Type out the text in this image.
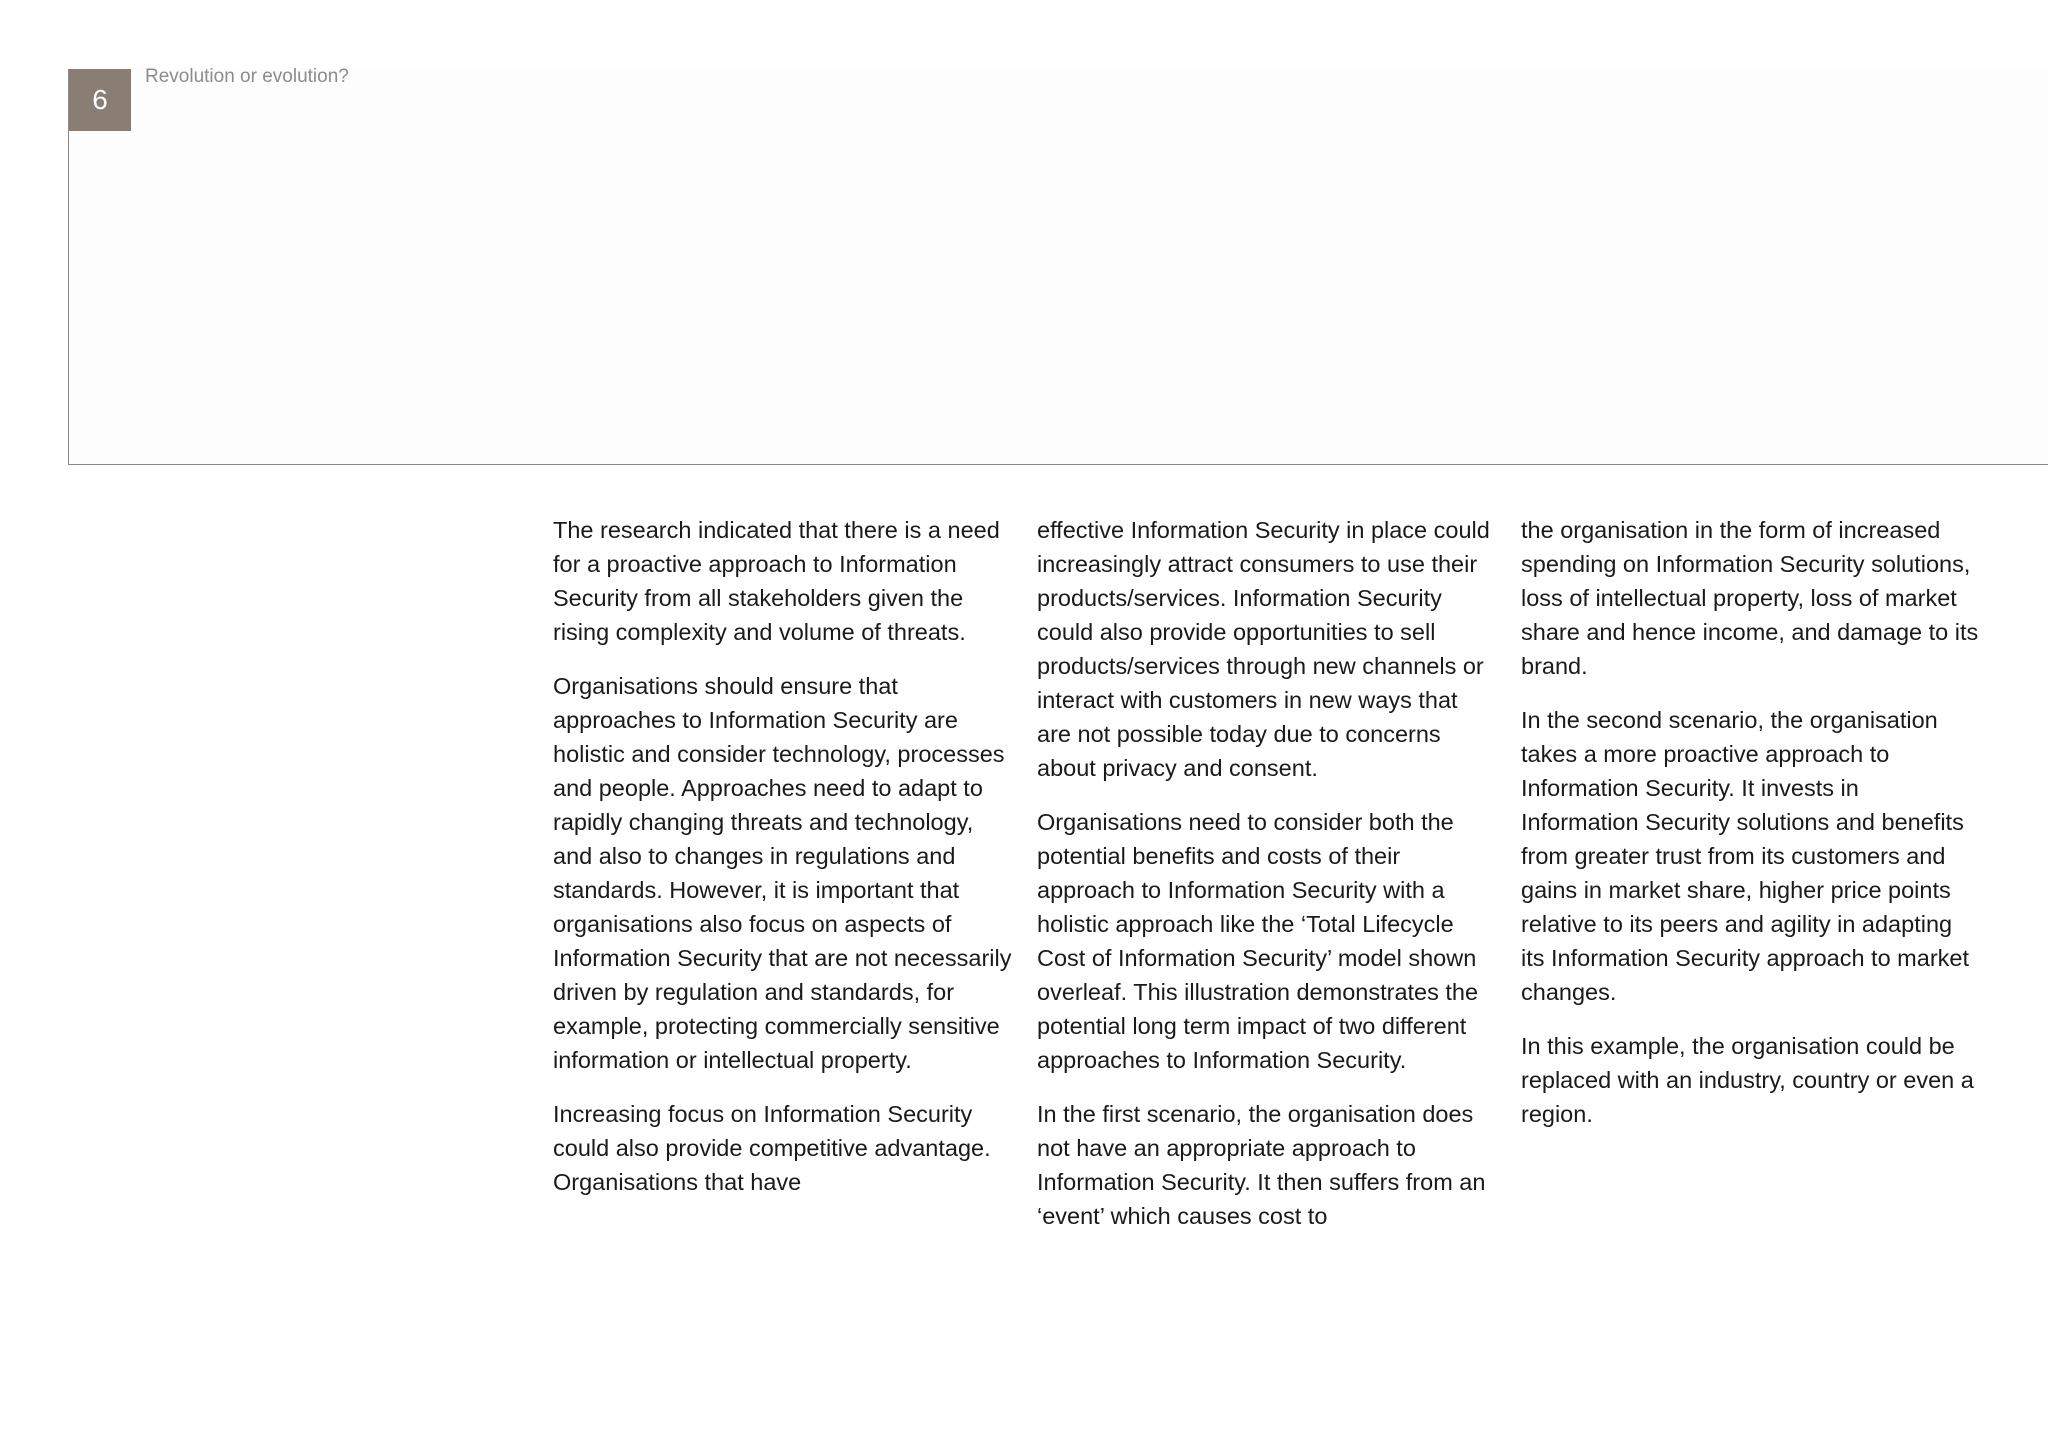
6
Revolution or evolution?

The research indicated that there is a need for a proactive approach to Information Security from all stakeholders given the rising complexity and volume of threats.

Organisations should ensure that approaches to Information Security are holistic and consider technology, processes and people. Approaches need to adapt to rapidly changing threats and technology, and also to changes in regulations and standards. However, it is important that organisations also focus on aspects of Information Security that are not necessarily driven by regulation and standards, for example, protecting commercially sensitive information or intellectual property.

Increasing focus on Information Security could also provide competitive advantage. Organisations that have

effective Information Security in place could increasingly attract consumers to use their products/services. Information Security could also provide opportunities to sell products/services through new channels or interact with customers in new ways that are not possible today due to concerns about privacy and consent.

Organisations need to consider both the potential benefits and costs of their approach to Information Security with a holistic approach like the ‘Total Lifecycle Cost of Information Security’ model shown overleaf. This illustration demonstrates the potential long term impact of two different approaches to Information Security.

In the first scenario, the organisation does not have an appropriate approach to Information Security. It then suffers from an ‘event’ which causes cost to

the organisation in the form of increased spending on Information Security solutions, loss of intellectual property, loss of market share and hence income, and damage to its brand.

In the second scenario, the organisation takes a more proactive approach to Information Security. It invests in Information Security solutions and benefits from greater trust from its customers and gains in market share, higher price points relative to its peers and agility in adapting its Information Security approach to market changes.

In this example, the organisation could be replaced with an industry, country or even a region.
